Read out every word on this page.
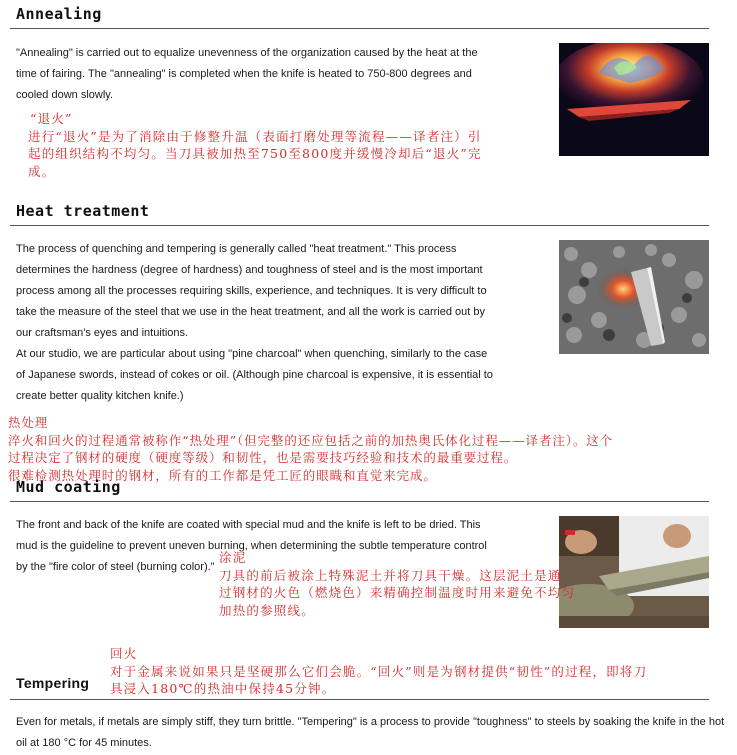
Annealing
"Annealing" is carried out to equalize unevenness of the organization caused by the heat at the
time of fairing. The "annealing" is completed when the knife is heated to 750-800 degrees and
cooled down slowly.
“退火”
进行“退火”是为了消除由于修整升温（表面打磨处理等流程——译者注）引
起的组织结构不均匀。当刀具被加热至750至800度并缓慢冷却后“退火”完
成。
Heat treatment
The process of quenching and tempering is generally called "heat treatment." This process
determines the hardness (degree of hardness) and toughness of steel and is the most important
process among all the processes requiring skills, experience, and techniques. It is very difficult to
take the measure of the steel that we use in the heat treatment, and all the work is carried out by
our craftsman's eyes and intuitions.
At our studio, we are particular about using "pine charcoal" when quenching, similarly to the case
of Japanese swords, instead of cokes or oil. (Although pine charcoal is expensive, it is essential to
create better quality kitchen knife.)
热处理
淬火和回火的过程通常被称作“热处理”（但完整的还应包括之前的加热奥氏体化过程——译者注）。这个
过程决定了钢材的硬度（硬度等级）和韧性，也是需要技巧经验和技术的最重要过程。
很难检测热处理时的钢材，所有的工作都是凭工匠的眼睵和直觉来完成。
Mud coating
The front and back of the knife are coated with special mud and the knife is left to be dried. This
mud is the guideline to prevent uneven burning, when determining the subtle temperature control
by the "fire color of steel (burning color)."
涂泥
刀具的前后被涂上特殊泥土并将刀具干燥。这层泥土是通
过钢材的火色（燃烧色）来精确控制温度时用来避免不均匀
加热的参照线。
回火
对于金属来说如果只是坚硬那么它们会脆。“回火”则是为钢材提供“韧性”的过程，即将刀
具浸入180℃的热油中保持45分钟。
Tempering
Even for metals, if metals are simply stiff, they turn brittle. "Tempering" is a process to provide "toughness" to steels by soaking the knife in the hot
oil at 180 °C for 45 minutes.
